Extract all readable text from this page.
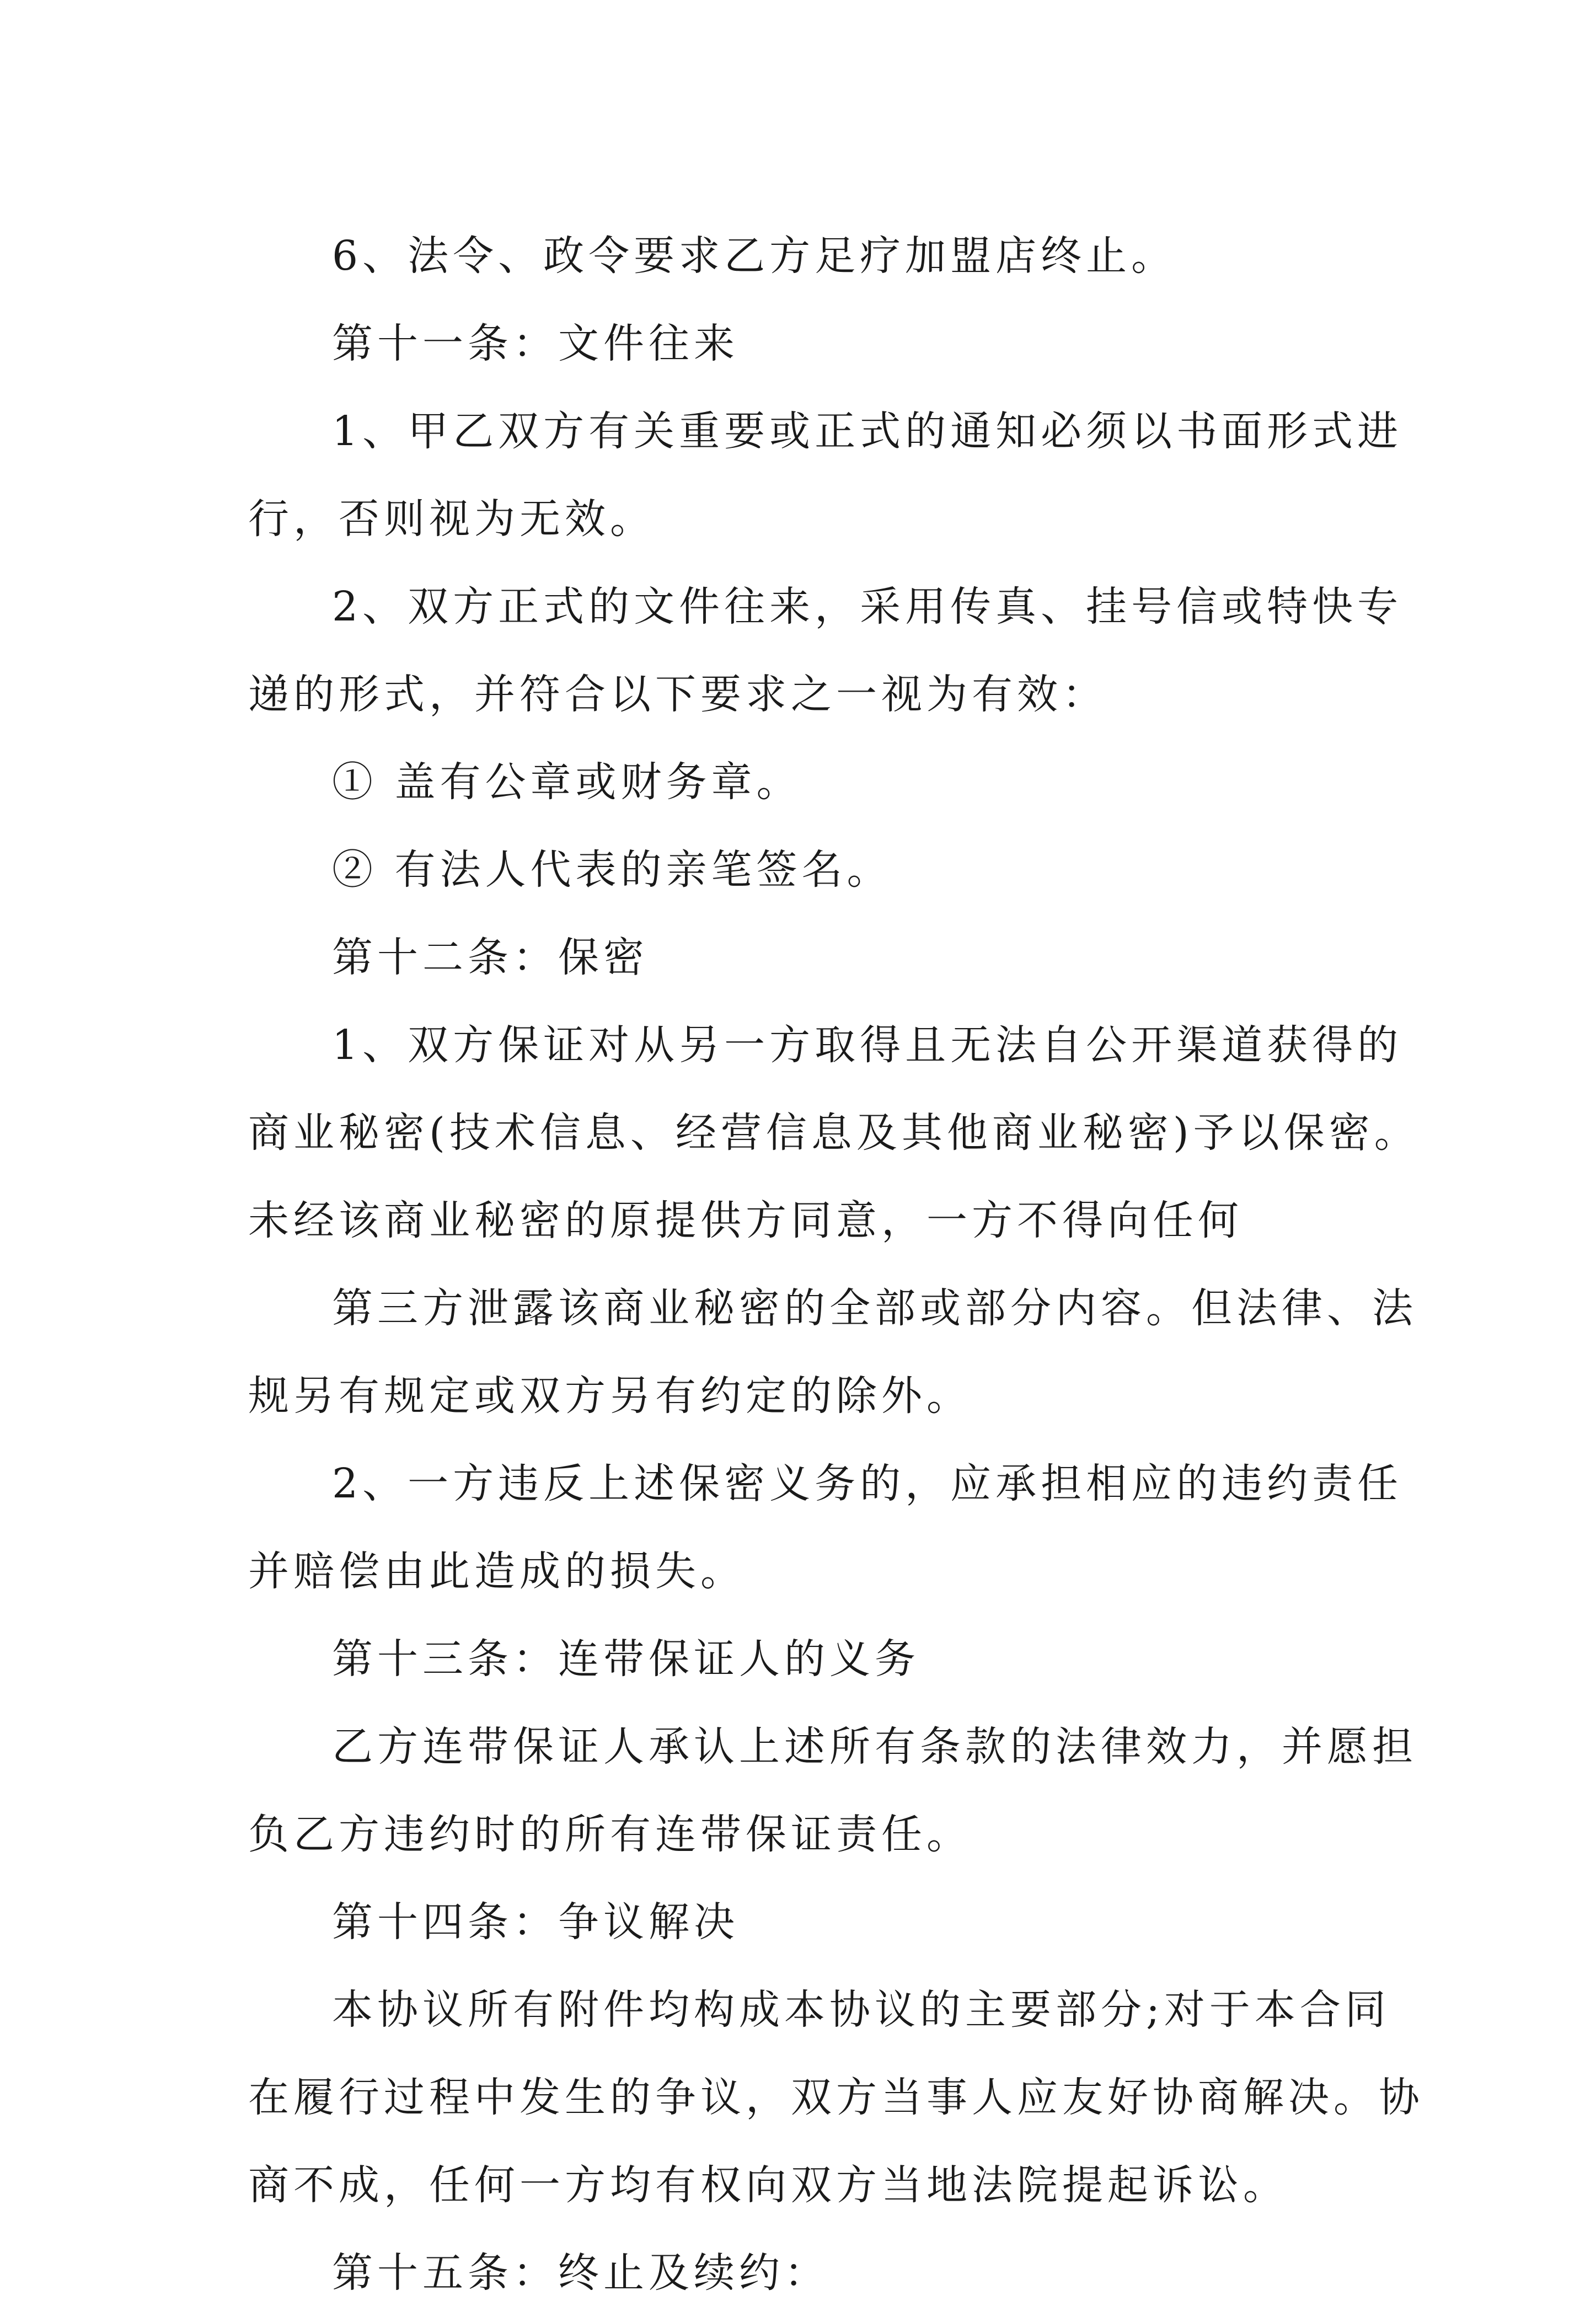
6、法令、政令要求乙方足疗加盟店终止。
第十一条：文件往来
1、甲乙双方有关重要或正式的通知必须以书面形式进
行，否则视为无效。
2、双方正式的文件往来，采用传真、挂号信或特快专
递的形式，并符合以下要求之一视为有效：
① 盖有公章或财务章。
② 有法人代表的亲笔签名。
第十二条：保密
1、双方保证对从另一方取得且无法自公开渠道获得的
商业秘密(技术信息、经营信息及其他商业秘密)予以保密。
未经该商业秘密的原提供方同意，一方不得向任何
第三方泄露该商业秘密的全部或部分内容。但法律、法
规另有规定或双方另有约定的除外。
2、一方违反上述保密义务的，应承担相应的违约责任
并赔偿由此造成的损失。
第十三条：连带保证人的义务
乙方连带保证人承认上述所有条款的法律效力，并愿担
负乙方违约时的所有连带保证责任。
第十四条：争议解决
本协议所有附件均构成本协议的主要部分;对于本合同
在履行过程中发生的争议，双方当事人应友好协商解决。协
商不成，任何一方均有权向双方当地法院提起诉讼。
第十五条：终止及续约：
